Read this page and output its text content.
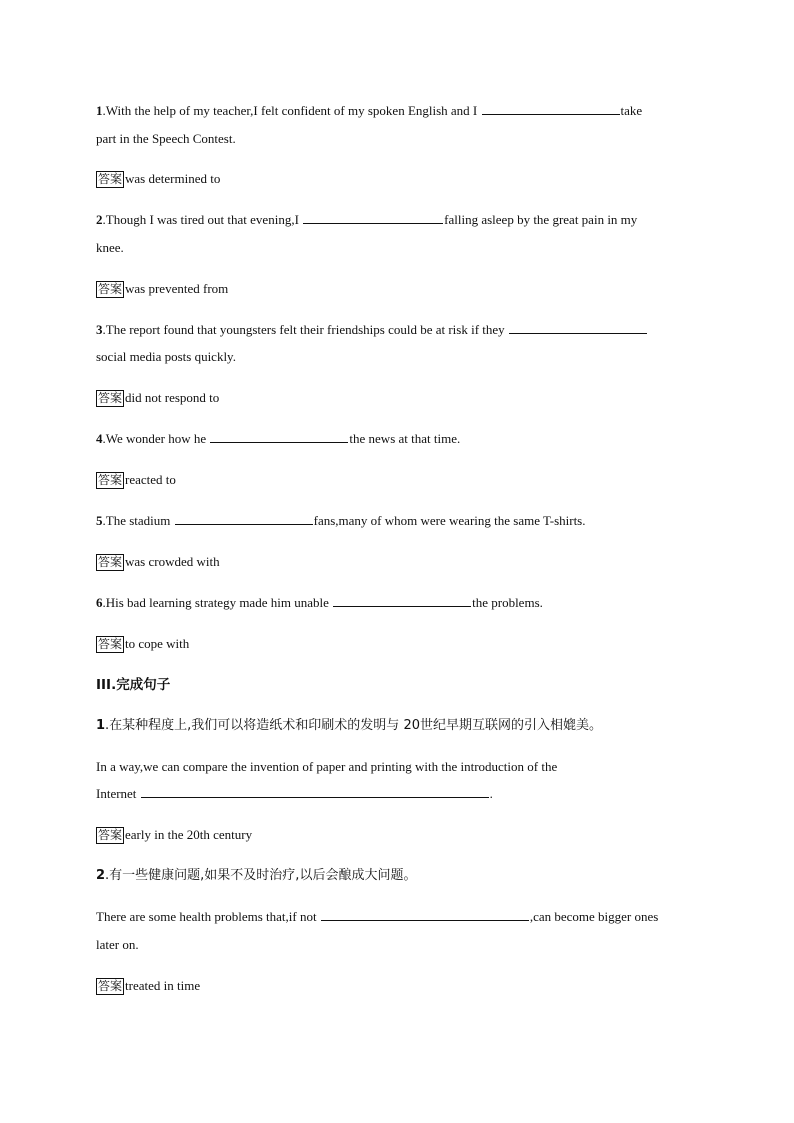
1.With the help of my teacher,I felt confident of my spoken English and I	take
part in the Speech Contest.
答案 was determined to
2.Though I was tired out that evening,I	falling asleep by the great pain in my
knee.
答案 was prevented from
3.The report found that youngsters felt their friendships could be at risk if they
social media posts quickly.
答案 did not respond to
4.We wonder how he	the news at that time.
答案 reacted to
5.The stadium	fans,many of whom were wearing the same T-shirts.
答案 was crowded with
6.His bad learning strategy made him unable	the problems.
答案 to cope with
III.完成句子
1.在某种程度上,我们可以将造纸术和印刷术的发明与 20世纪早期互联网的引入相媲美。
In a way,we can compare the invention of paper and printing with the introduction of the
Internet	.
答案 early in the 20th century
2.有一些健康问题,如果不及时治疗,以后会酿成大问题。
There are some health problems that,if not	,can become bigger ones
later on.
答案 treated in time
